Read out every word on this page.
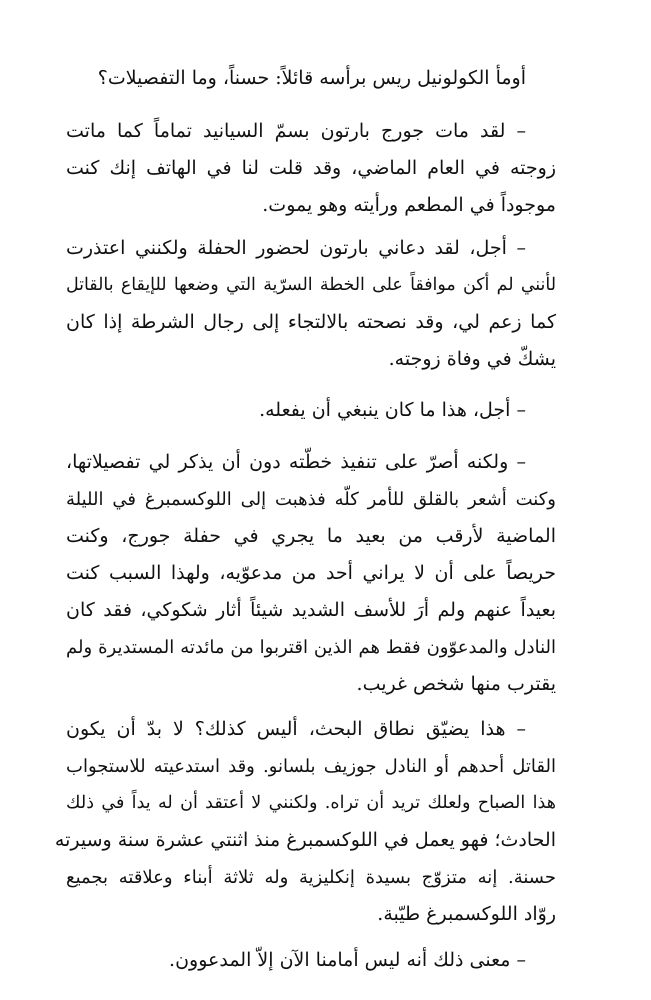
أومأ الكولونيل ريس برأسه قائلاً: حسناً، وما التفصيلات؟

– لقد مات جورج بارتون بسمّ السيانيد تماماً كما ماتت
زوجته في العام الماضي، وقد قلت لنا في الهاتف إنك كنت
موجوداً في المطعم ورأيته وهو يموت.

– أجل، لقد دعاني بارتون لحضور الحفلة ولكنني اعتذرت
لأنني لم أكن موافقاً على الخطة السرّية التي وضعها للإيقاع بالقاتل
كما زعم لي، وقد نصحته بالالتجاء إلى رجال الشرطة إذا كان
يشكّ في وفاة زوجته.

– أجل، هذا ما كان ينبغي أن يفعله.

– ولكنه أصرّ على تنفيذ خطّته دون أن يذكر لي تفصيلاتها،
وكنت أشعر بالقلق للأمر كلّه فذهبت إلى اللوكسمبرغ في الليلة
الماضية لأرقب من بعيد ما يجري في حفلة جورج، وكنت
حريصاً على أن لا يراني أحد من مدعوّيه، ولهذا السبب كنت
بعيداً عنهم ولم أرَ للأسف الشديد شيئاً أثار شكوكي، فقد كان
النادل والمدعوّون فقط هم الذين اقتربوا من مائدته المستديرة ولم
يقترب منها شخص غريب.

– هذا يضيّق نطاق البحث، أليس كذلك؟ لا بدّ أن يكون
القاتل أحدهم أو النادل جوزيف بلسانو. وقد استدعيته للاستجواب
هذا الصباح ولعلك تريد أن تراه. ولكنني لا أعتقد أن له يداً في ذلك
الحادث؛ فهو يعمل في اللوكسمبرغ منذ اثنتي عشرة سنة وسيرته
حسنة. إنه متزوّج بسيدة إنكليزية وله ثلاثة أبناء وعلاقته بجميع
روّاد اللوكسمبرغ طيّبة.

– معنى ذلك أنه ليس أمامنا الآن إلاّ المدعوون.
